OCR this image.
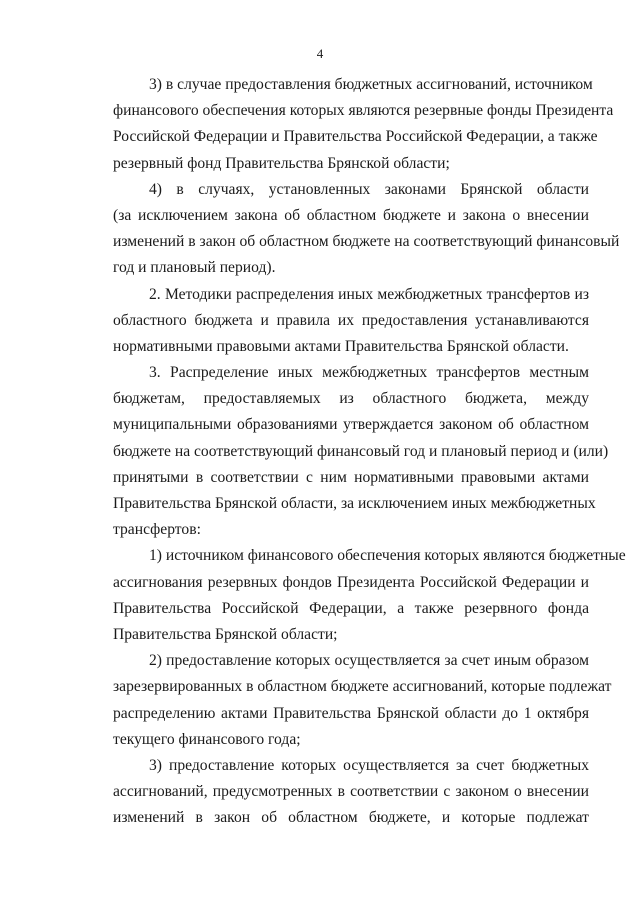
4
3) в случае предоставления бюджетных ассигнований, источником
финансового обеспечения которых являются резервные фонды Президента
Российской Федерации и Правительства Российской Федерации, а также
резервный фонд Правительства Брянской области;
4) в случаях, установленных законами Брянской области
(за исключением закона об областном бюджете и закона о внесении
изменений в закон об областном бюджете на соответствующий финансовый
год и плановый период).
2. Методики распределения иных межбюджетных трансфертов из
областного бюджета и правила их предоставления устанавливаются
нормативными правовыми актами Правительства Брянской области.
3. Распределение иных межбюджетных трансфертов местным
бюджетам, предоставляемых из областного бюджета, между
муниципальными образованиями утверждается законом об областном
бюджете на соответствующий финансовый год и плановый период и (или)
принятыми в соответствии с ним нормативными правовыми актами
Правительства Брянской области, за исключением иных межбюджетных
трансфертов:
1) источником финансового обеспечения которых являются бюджетные
ассигнования резервных фондов Президента Российской Федерации и
Правительства Российской Федерации, а также резервного фонда
Правительства Брянской области;
2) предоставление которых осуществляется за счет иным образом
зарезервированных в областном бюджете ассигнований, которые подлежат
распределению актами Правительства Брянской области до 1 октября
текущего финансового года;
3) предоставление которых осуществляется за счет бюджетных
ассигнований, предусмотренных в соответствии с законом о внесении
изменений в закон об областном бюджете, и которые подлежат
